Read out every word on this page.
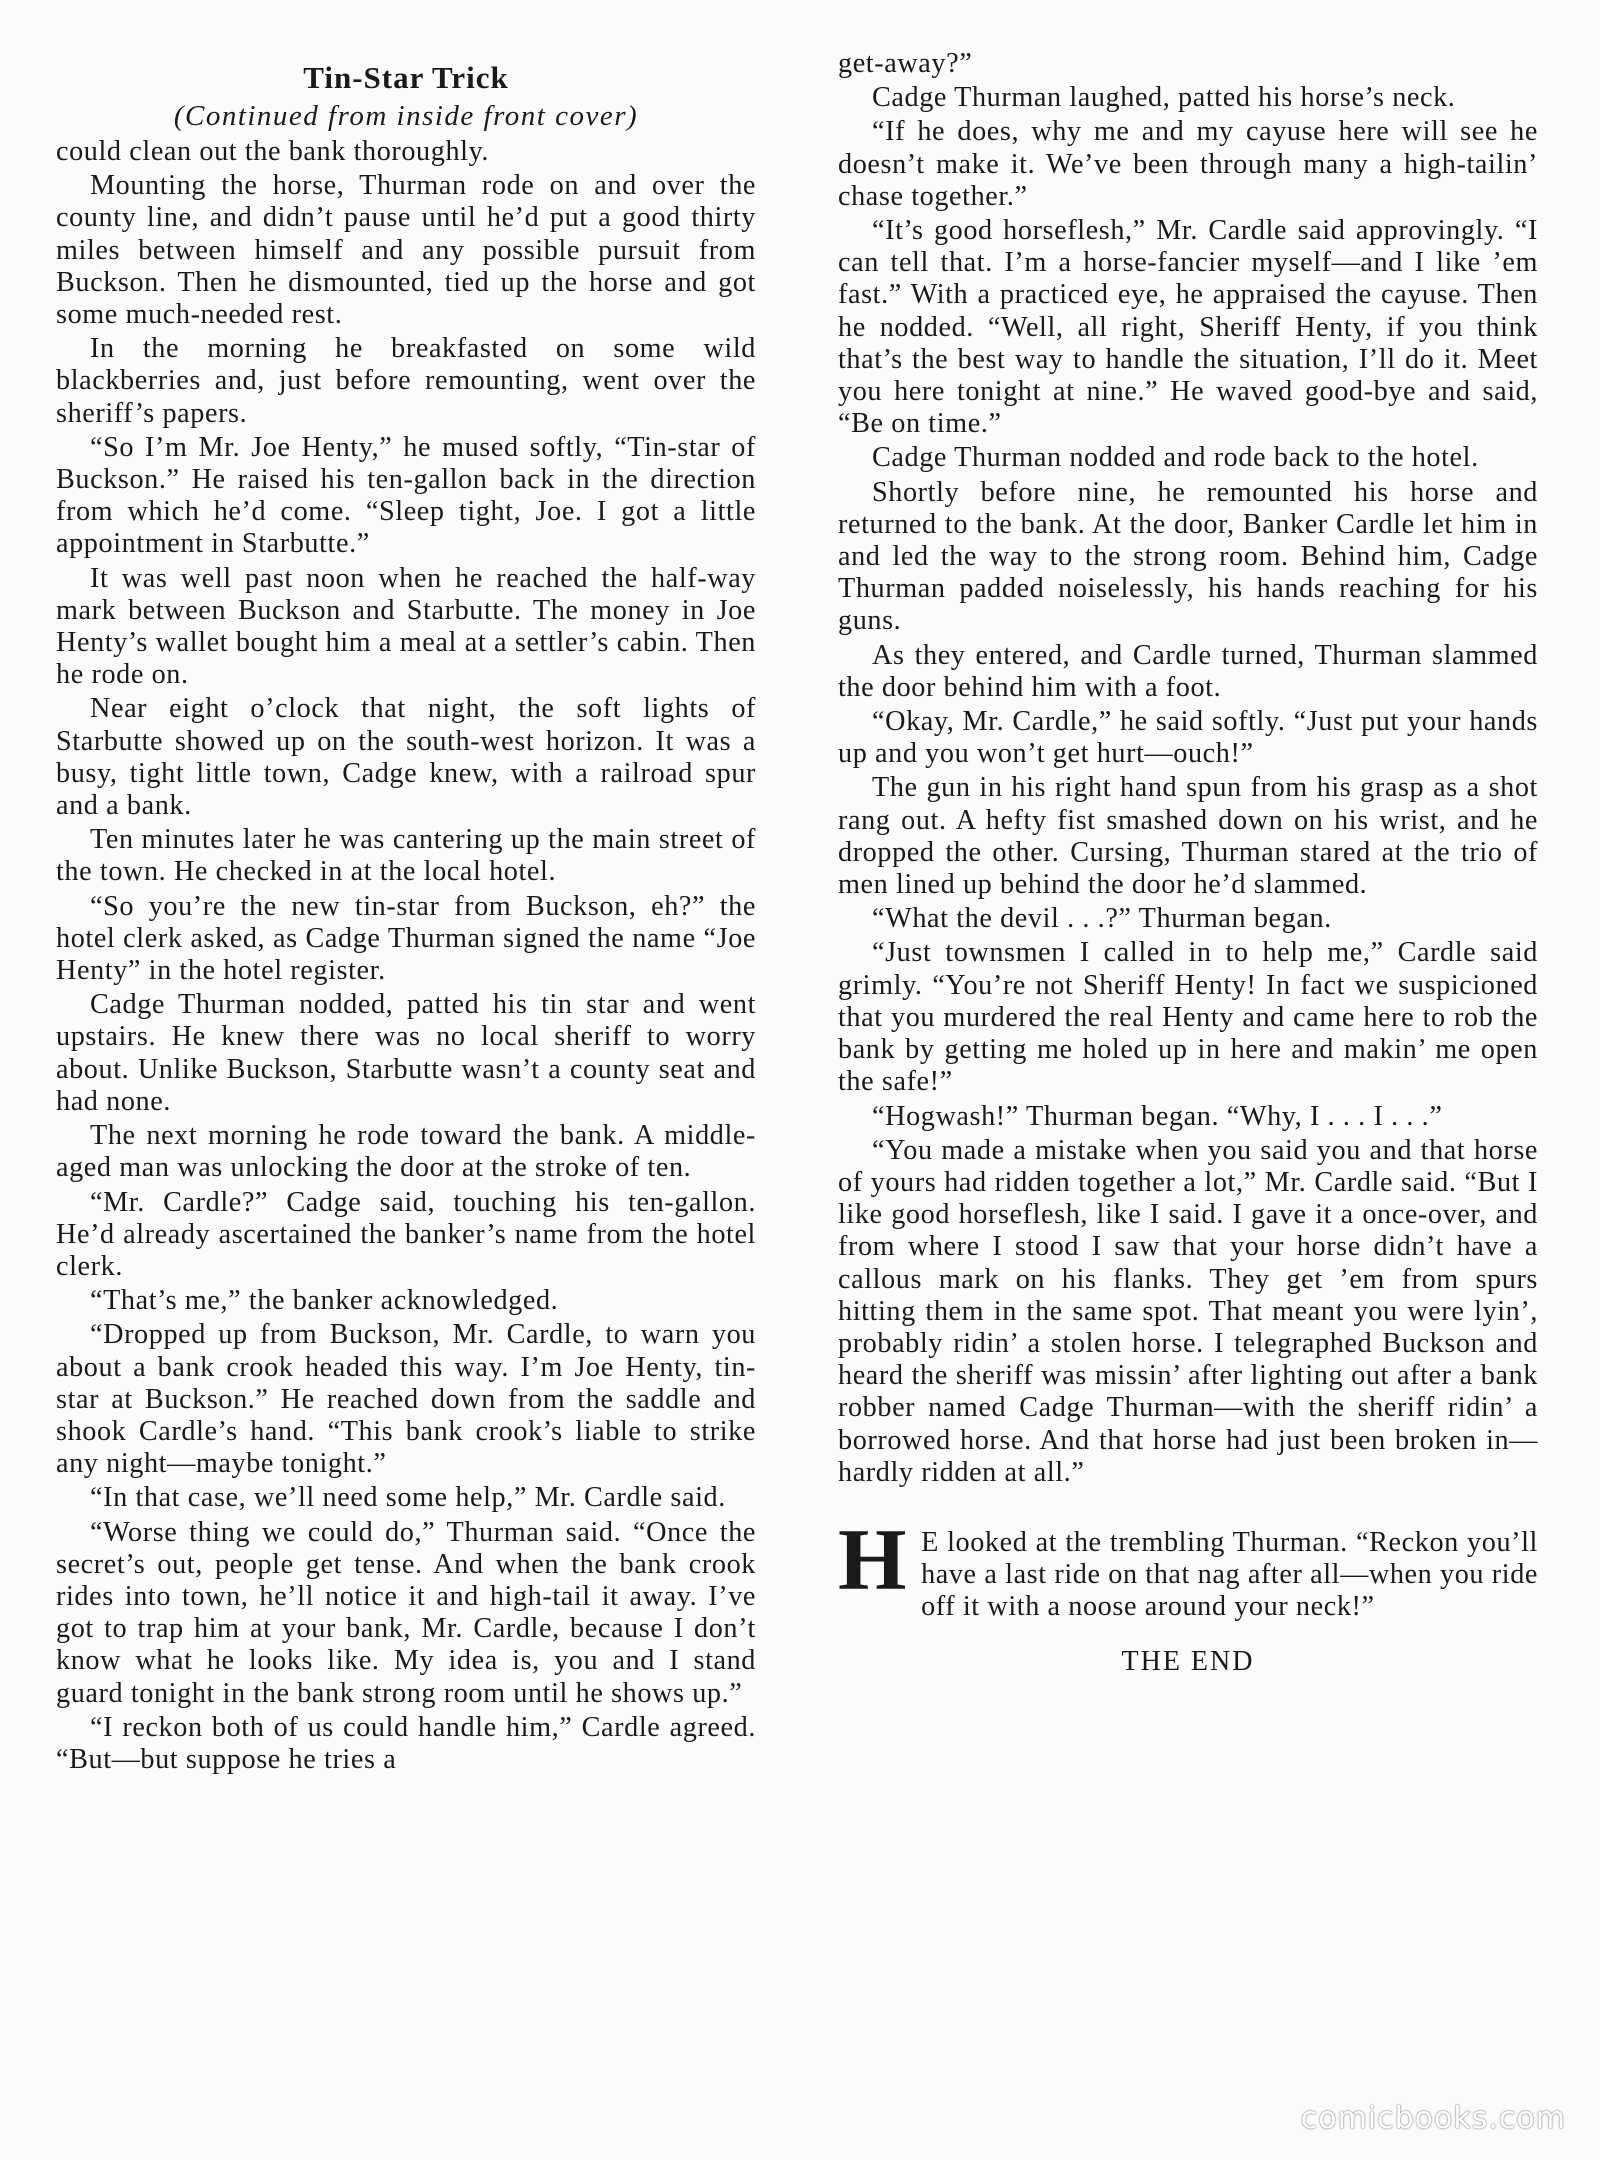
Tin-Star Trick
(Continued from inside front cover)

could clean out the bank thoroughly.

Mounting the horse, Thurman rode on and over the county line, and didn’t pause until he’d put a good thirty miles between himself and any possible pursuit from Buckson. Then he dismounted, tied up the horse and got some much-needed rest.

In the morning he breakfasted on some wild blackberries and, just before remounting, went over the sheriff’s papers.

“So I’m Mr. Joe Henty,” he mused softly, “Tin-star of Buckson.” He raised his ten-gallon back in the direction from which he’d come. “Sleep tight, Joe. I got a little appointment in Starbutte.”

It was well past noon when he reached the half-way mark between Buckson and Starbutte. The money in Joe Henty’s wallet bought him a meal at a settler’s cabin. Then he rode on.

Near eight o’clock that night, the soft lights of Starbutte showed up on the south-west horizon. It was a busy, tight little town, Cadge knew, with a railroad spur and a bank.

Ten minutes later he was cantering up the main street of the town. He checked in at the local hotel.

“So you’re the new tin-star from Buckson, eh?” the hotel clerk asked, as Cadge Thurman signed the name “Joe Henty” in the hotel register.

Cadge Thurman nodded, patted his tin star and went upstairs. He knew there was no local sheriff to worry about. Unlike Buckson, Starbutte wasn’t a county seat and had none.

The next morning he rode toward the bank. A middle-aged man was unlocking the door at the stroke of ten.

“Mr. Cardle?” Cadge said, touching his ten-gallon. He’d already ascertained the banker’s name from the hotel clerk.

“That’s me,” the banker acknowledged.

“Dropped up from Buckson, Mr. Cardle, to warn you about a bank crook headed this way. I’m Joe Henty, tin-star at Buckson.” He reached down from the saddle and shook Cardle’s hand. “This bank crook’s liable to strike any night—maybe tonight.”

“In that case, we’ll need some help,” Mr. Cardle said.

“Worse thing we could do,” Thurman said. “Once the secret’s out, people get tense. And when the bank crook rides into town, he’ll notice it and high-tail it away. I’ve got to trap him at your bank, Mr. Cardle, because I don’t know what he looks like. My idea is, you and I stand guard tonight in the bank strong room until he shows up.”

“I reckon both of us could handle him,” Cardle agreed. “But—but suppose he tries a

get-away?”

Cadge Thurman laughed, patted his horse’s neck.

“If he does, why me and my cayuse here will see he doesn’t make it. We’ve been through many a high-tailin’ chase together.”

“It’s good horseflesh,” Mr. Cardle said approvingly. “I can tell that. I’m a horse-fancier myself—and I like ’em fast.” With a practiced eye, he appraised the cayuse. Then he nodded. “Well, all right, Sheriff Henty, if you think that’s the best way to handle the situation, I’ll do it. Meet you here tonight at nine.” He waved good-bye and said, “Be on time.”

Cadge Thurman nodded and rode back to the hotel.

Shortly before nine, he remounted his horse and returned to the bank. At the door, Banker Cardle let him in and led the way to the strong room. Behind him, Cadge Thurman padded noiselessly, his hands reaching for his guns.

As they entered, and Cardle turned, Thurman slammed the door behind him with a foot.

“Okay, Mr. Cardle,” he said softly. “Just put your hands up and you won’t get hurt—ouch!”

The gun in his right hand spun from his grasp as a shot rang out. A hefty fist smashed down on his wrist, and he dropped the other. Cursing, Thurman stared at the trio of men lined up behind the door he’d slammed.

“What the devil . . .?” Thurman began.

“Just townsmen I called in to help me,” Cardle said grimly. “You’re not Sheriff Henty! In fact we suspicioned that you murdered the real Henty and came here to rob the bank by getting me holed up in here and makin’ me open the safe!”

“Hogwash!” Thurman began. “Why, I . . . I . . .”

“You made a mistake when you said you and that horse of yours had ridden together a lot,” Mr. Cardle said. “But I like good horseflesh, like I said. I gave it a once-over, and from where I stood I saw that your horse didn’t have a callous mark on his flanks. They get ’em from spurs hitting them in the same spot. That meant you were lyin’, probably ridin’ a stolen horse. I telegraphed Buckson and heard the sheriff was missin’ after lighting out after a bank robber named Cadge Thurman—with the sheriff ridin’ a borrowed horse. And that horse had just been broken in—hardly ridden at all.”

H E looked at the trembling Thurman. “Reckon you’ll have a last ride on that nag after all—when you ride off it with a noose around your neck!”
THE END
comicbooks.com
